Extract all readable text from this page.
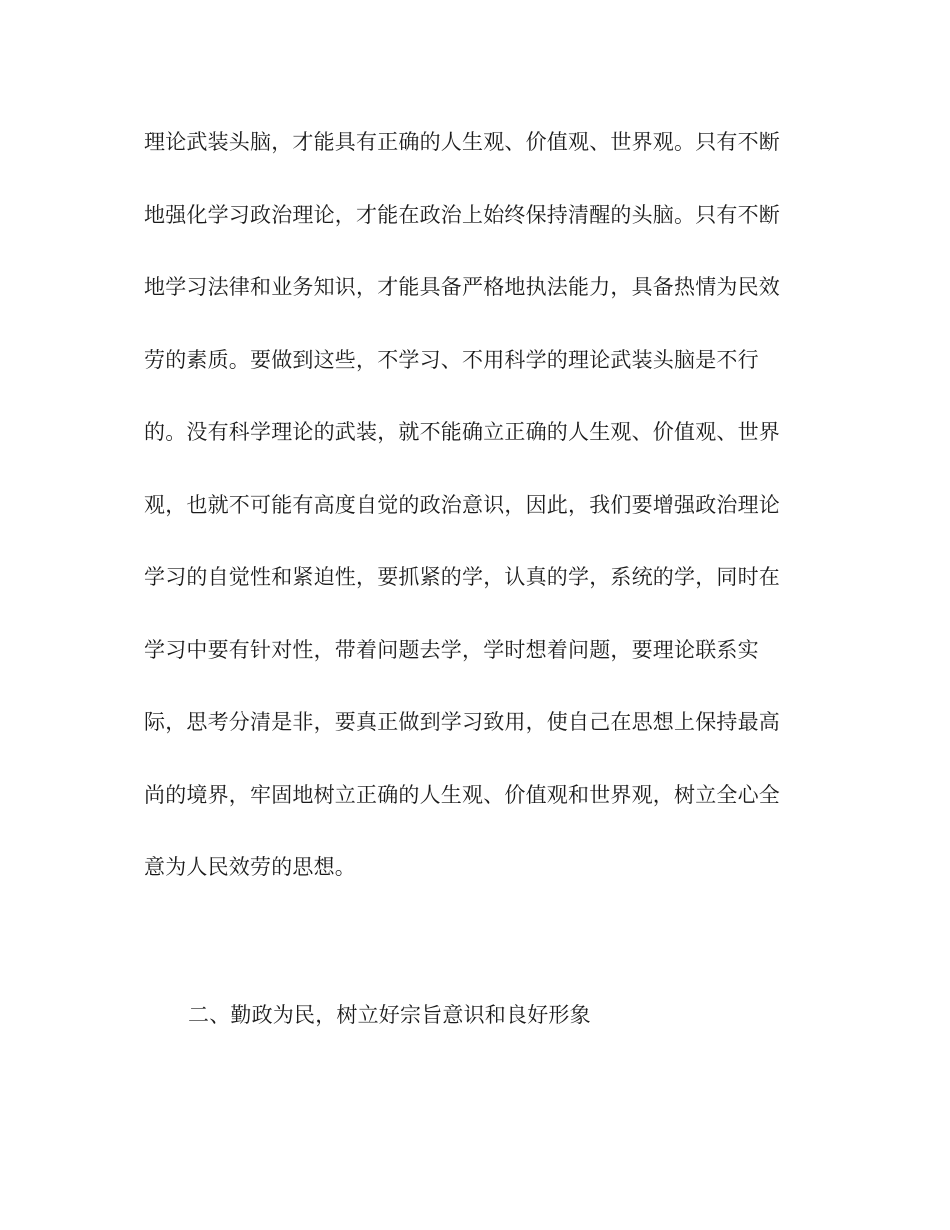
理论武装头脑，才能具有正确的人生观、价值观、世界观。只有不断
地强化学习政治理论，才能在政治上始终保持清醒的头脑。只有不断
地学习法律和业务知识，才能具备严格地执法能力，具备热情为民效
劳的素质。要做到这些，不学习、不用科学的理论武装头脑是不行
的。没有科学理论的武装，就不能确立正确的人生观、价值观、世界
观，也就不可能有高度自觉的政治意识，因此，我们要增强政治理论
学习的自觉性和紧迫性，要抓紧的学，认真的学，系统的学，同时在
学习中要有针对性，带着问题去学，学时想着问题，要理论联系实
际，思考分清是非，要真正做到学习致用，使自己在思想上保持最高
尚的境界，牢固地树立正确的人生观、价值观和世界观，树立全心全
意为人民效劳的思想。
二、勤政为民，树立好宗旨意识和良好形象
